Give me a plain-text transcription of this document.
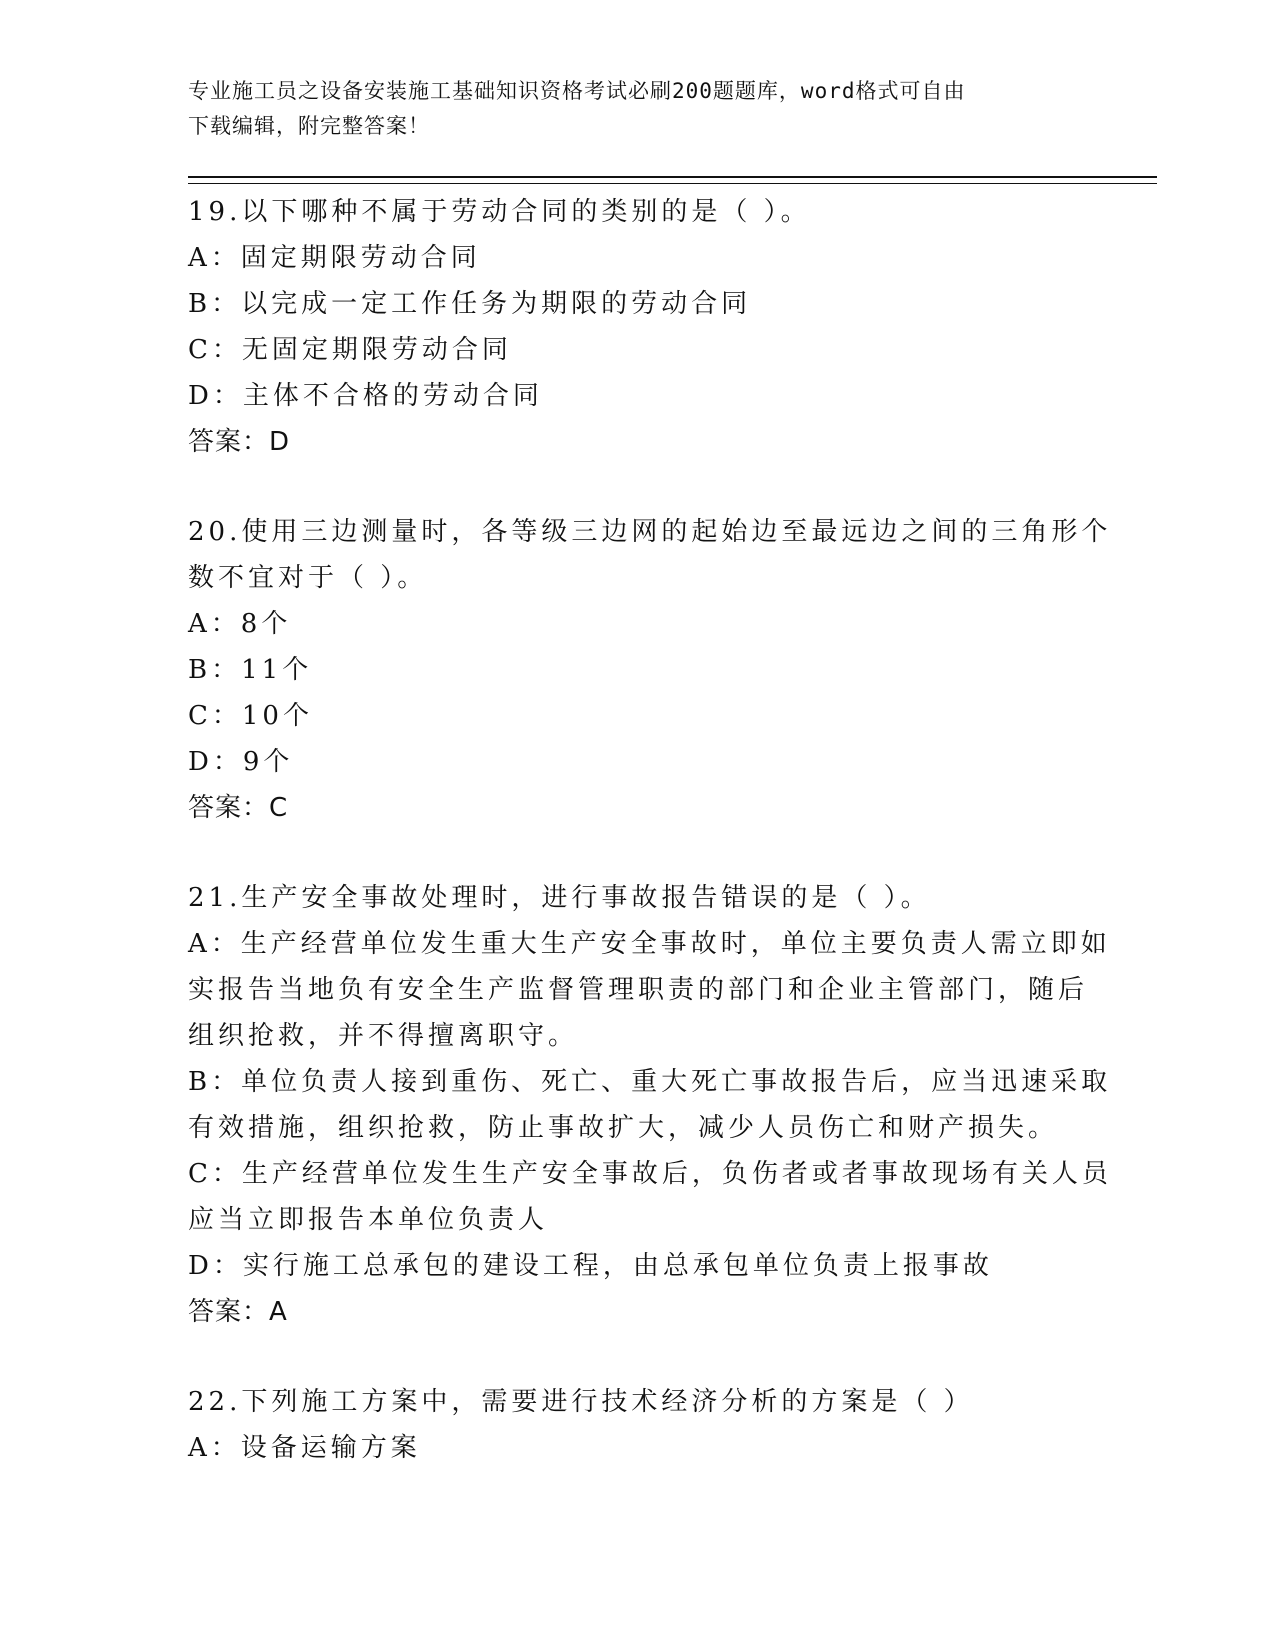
专业施工员之设备安装施工基础知识资格考试必刷200题题库，word格式可自由
下载编辑，附完整答案！
19.以下哪种不属于劳动合同的类别的是（ ）。
A：固定期限劳动合同
B：以完成一定工作任务为期限的劳动合同
C：无固定期限劳动合同
D：主体不合格的劳动合同
答案：D
20.使用三边测量时，各等级三边网的起始边至最远边之间的三角形个
数不宜对于（ ）。
A：8个
B：11个
C：10个
D：9个
答案：C
21.生产安全事故处理时，进行事故报告错误的是（ ）。
A：生产经营单位发生重大生产安全事故时，单位主要负责人需立即如
实报告当地负有安全生产监督管理职责的部门和企业主管部门，随后
组织抢救，并不得擅离职守。
B：单位负责人接到重伤、死亡、重大死亡事故报告后，应当迅速采取
有效措施，组织抢救，防止事故扩大，减少人员伤亡和财产损失。
C：生产经营单位发生生产安全事故后，负伤者或者事故现场有关人员
应当立即报告本单位负责人
D：实行施工总承包的建设工程，由总承包单位负责上报事故
答案：A
22.下列施工方案中，需要进行技术经济分析的方案是（ ）
A：设备运输方案
